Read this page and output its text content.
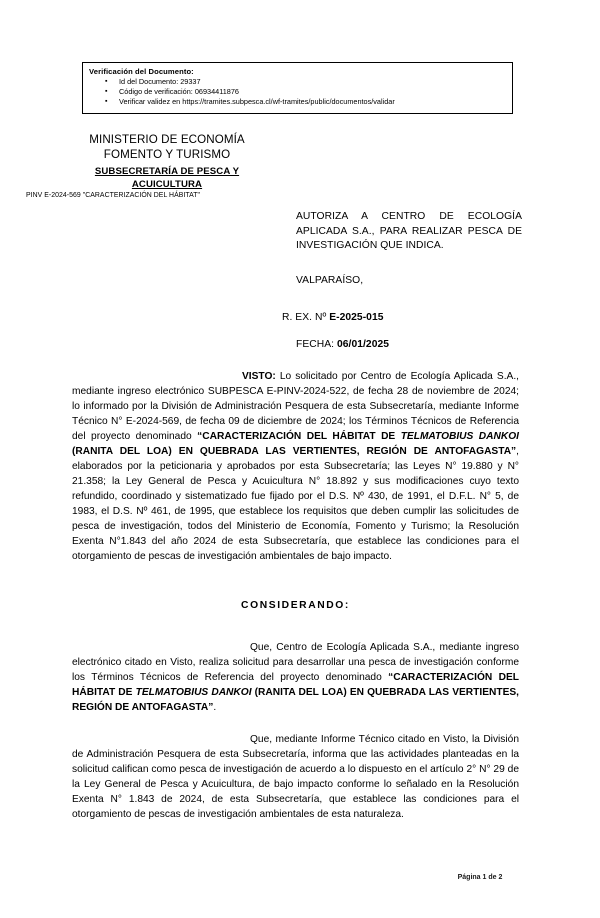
Verificación del Documento:
▪ Id del Documento: 29337
▪ Código de verificación: 06934411876
▪ Verificar validez en https://tramites.subpesca.cl/wf-tramites/public/documentos/validar
MINISTERIO DE ECONOMÍA
FOMENTO Y TURISMO
SUBSECRETARÍA DE PESCA Y
ACUICULTURA
PINV E-2024-569 "CARACTERIZACIÓN DEL HÁBITAT"
AUTORIZA A CENTRO DE ECOLOGÍA APLICADA S.A., PARA REALIZAR PESCA DE INVESTIGACIÓN QUE INDICA.
VALPARAÍSO,
R. EX. Nº E-2025-015
FECHA: 06/01/2025
VISTO: Lo solicitado por Centro de Ecología Aplicada S.A., mediante ingreso electrónico SUBPESCA E-PINV-2024-522, de fecha 28 de noviembre de 2024; lo informado por la División de Administración Pesquera de esta Subsecretaría, mediante Informe Técnico N° E-2024-569, de fecha 09 de diciembre de 2024; los Términos Técnicos de Referencia del proyecto denominado “CARACTERIZACIÓN DEL HÁBITAT DE TELMATOBIUS DANKOI (RANITA DEL LOA) EN QUEBRADA LAS VERTIENTES, REGIÓN DE ANTOFAGASTA”, elaborados por la peticionaria y aprobados por esta Subsecretaría; las Leyes N° 19.880 y N° 21.358; la Ley General de Pesca y Acuicultura N° 18.892 y sus modificaciones cuyo texto refundido, coordinado y sistematizado fue fijado por el D.S. Nº 430, de 1991, el D.F.L. N° 5, de 1983, el D.S. Nº 461, de 1995, que establece los requisitos que deben cumplir las solicitudes de pesca de investigación, todos del Ministerio de Economía, Fomento y Turismo; la Resolución Exenta N°1.843 del año 2024 de esta Subsecretaría, que establece las condiciones para el otorgamiento de pescas de investigación ambientales de bajo impacto.
CONSIDERANDO:
Que, Centro de Ecología Aplicada S.A., mediante ingreso electrónico citado en Visto, realiza solicitud para desarrollar una pesca de investigación conforme los Términos Técnicos de Referencia del proyecto denominado “CARACTERIZACIÓN DEL HÁBITAT DE TELMATOBIUS DANKOI (RANITA DEL LOA) EN QUEBRADA LAS VERTIENTES, REGIÓN DE ANTOFAGASTA”.
Que, mediante Informe Técnico citado en Visto, la División de Administración Pesquera de esta Subsecretaría, informa que las actividades planteadas en la solicitud califican como pesca de investigación de acuerdo a lo dispuesto en el artículo 2° N° 29 de la Ley General de Pesca y Acuicultura, de bajo impacto conforme lo señalado en la Resolución Exenta N° 1.843 de 2024, de esta Subsecretaría, que establece las condiciones para el otorgamiento de pescas de investigación ambientales de esta naturaleza.
Página 1 de 2
